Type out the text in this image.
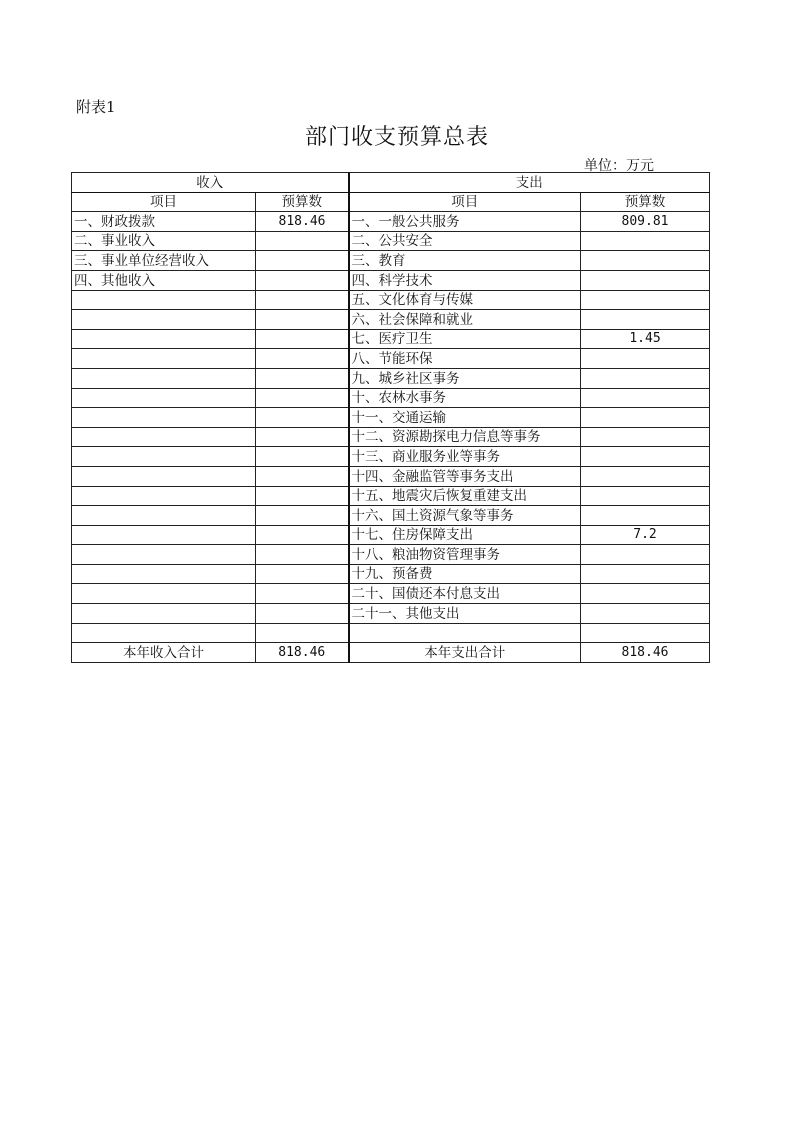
附表1
部门收支预算总表
单位：万元
收入		支出	
项目	预算数	项目	预算数
一、财政拨款	818.46	一、一般公共服务	809.81
二、事业收入		二、公共安全	
三、事业单位经营收入		三、教育	
四、其他收入		四、科学技术	
		五、文化体育与传媒	
		六、社会保障和就业	
		七、医疗卫生	1.45
		八、节能环保	
		九、城乡社区事务	
		十、农林水事务	
		十一、交通运输	
		十二、资源勘探电力信息等事务	
		十三、商业服务业等事务	
		十四、金融监管等事务支出	
		十五、地震灾后恢复重建支出	
		十六、国土资源气象等事务	
		十七、住房保障支出	7.2
		十八、粮油物资管理事务	
		十九、预备费	
		二十、国债还本付息支出	
		二十一、其他支出	

本年收入合计	818.46	本年支出合计	818.46
